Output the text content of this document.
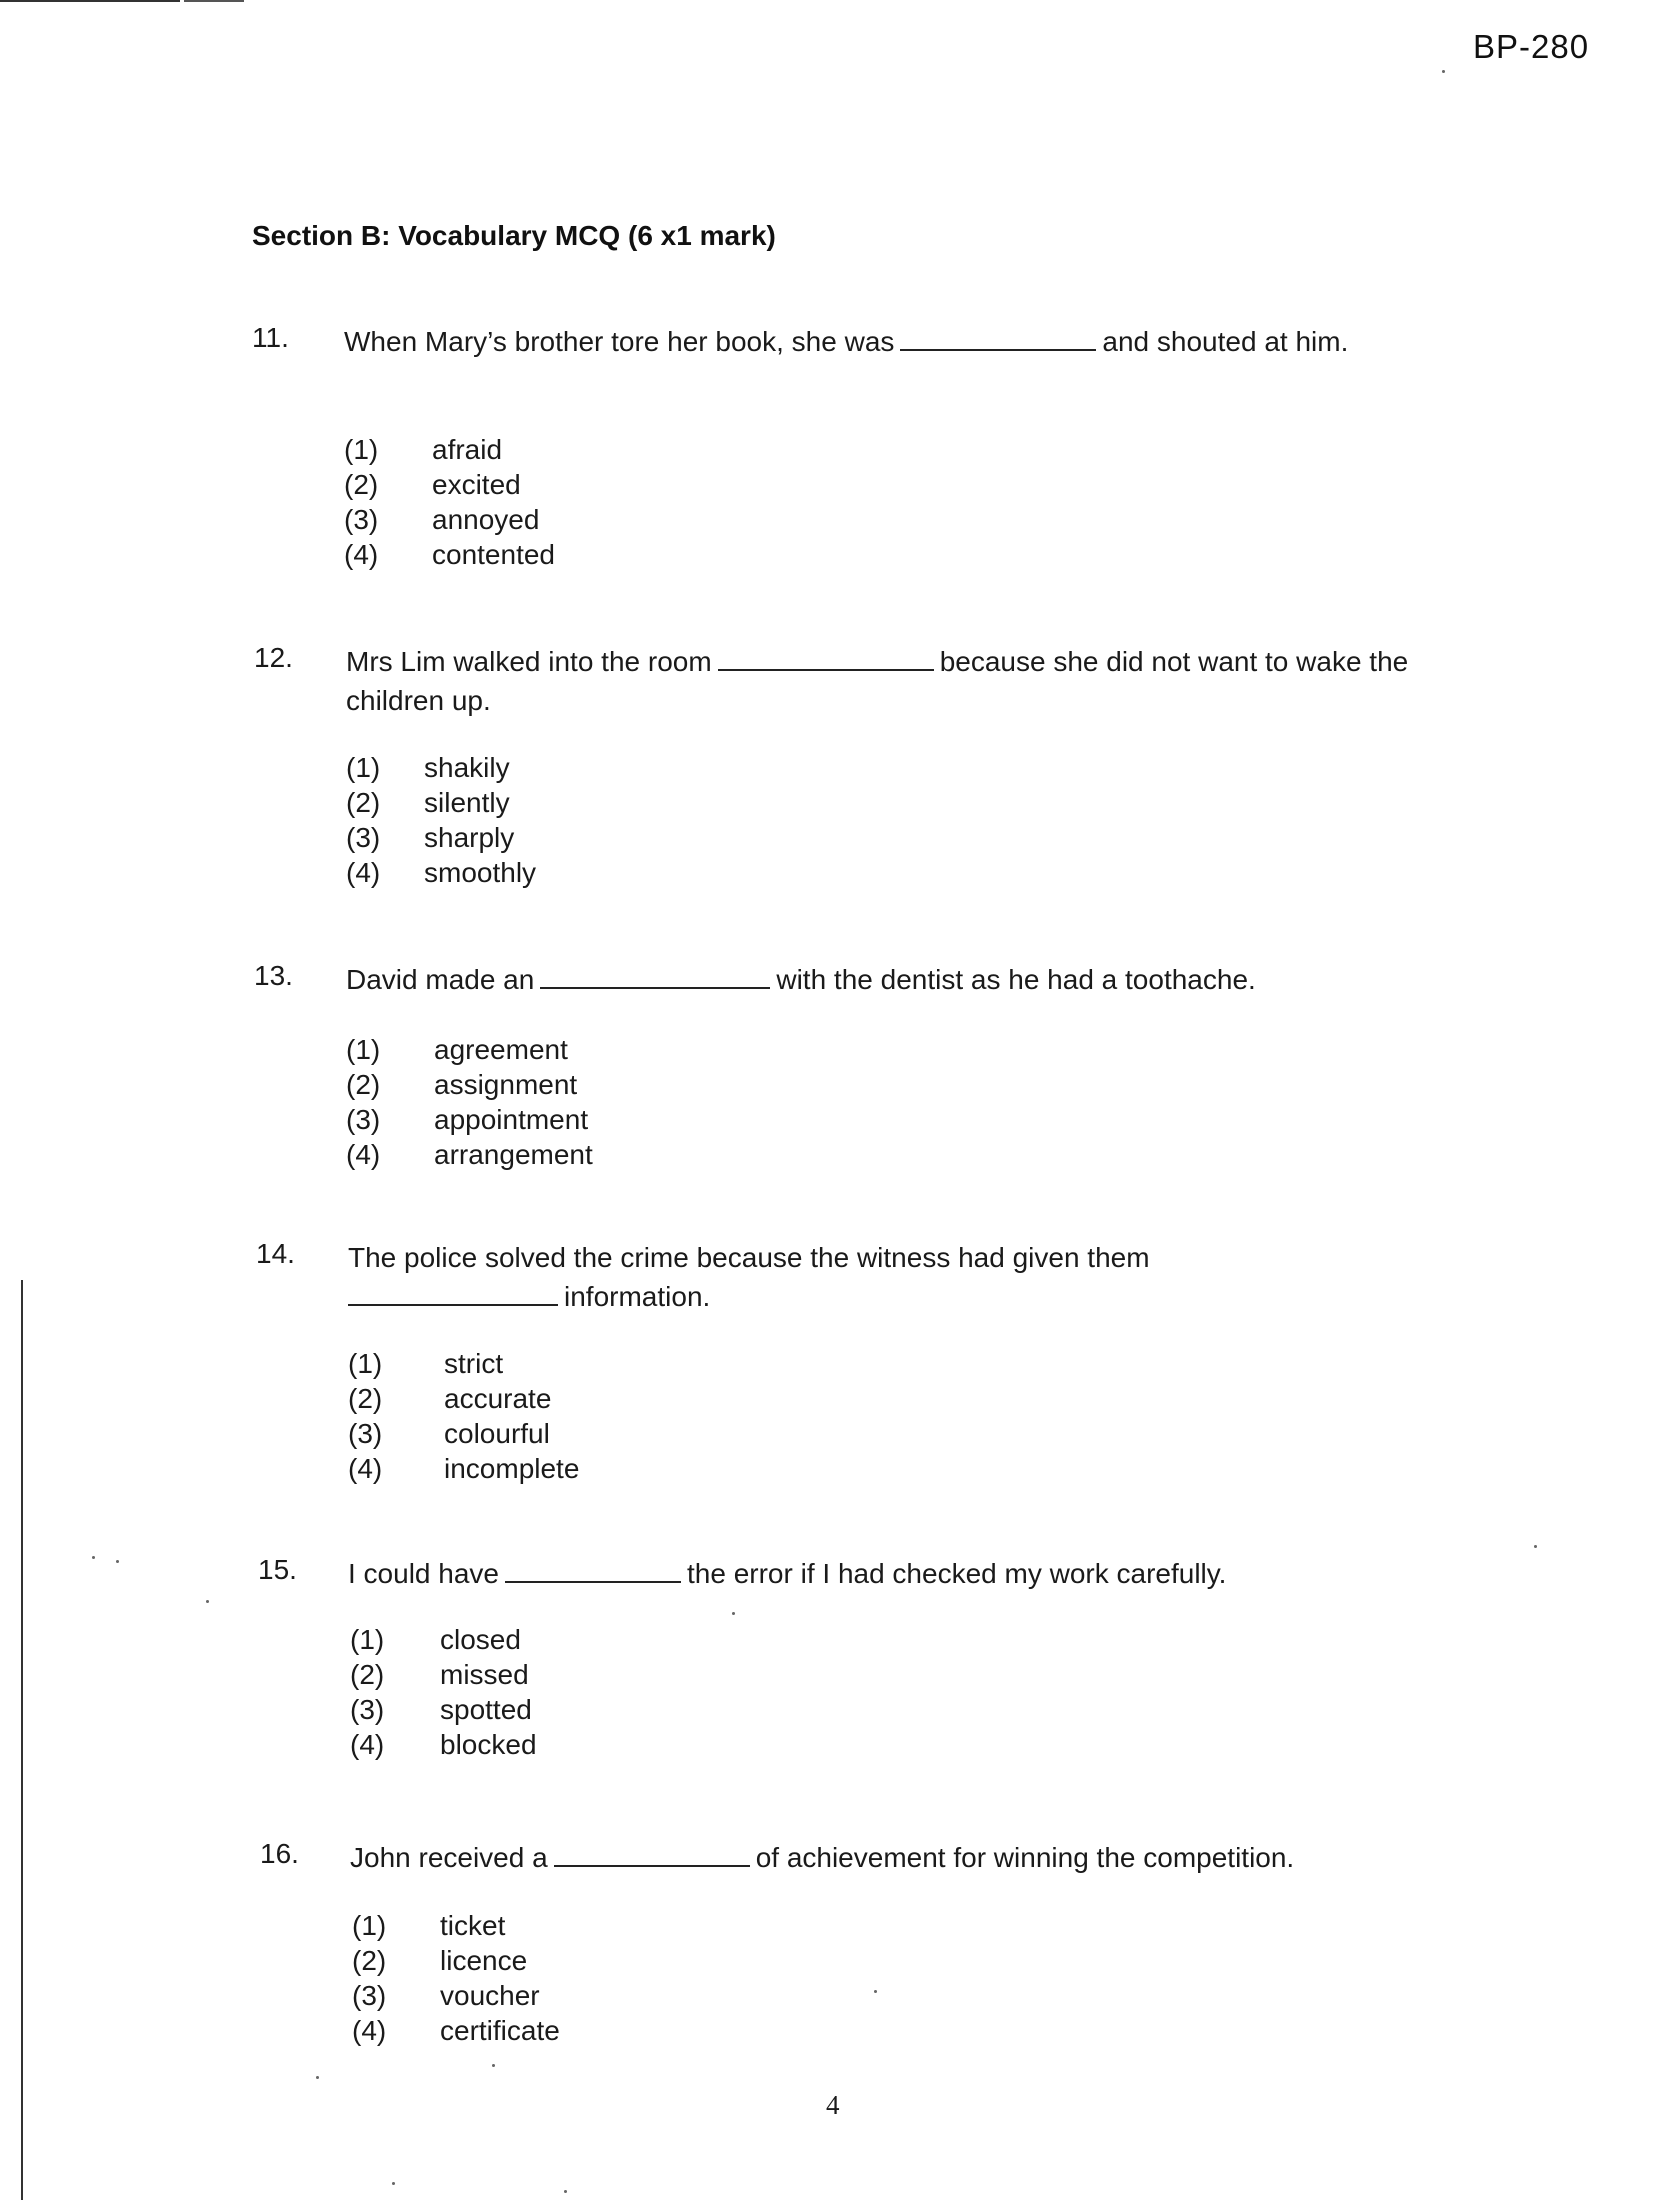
BP-280
Section B: Vocabulary MCQ (6 x1 mark)
11. When Mary’s brother tore her book, she was	and shouted at him.
(1)	afraid
(2)	excited
(3)	annoyed
(4)	contented
12. Mrs Lim walked into the room	because she did not want to wake the children up.
(1)	shakily
(2)	silently
(3)	sharply
(4)	smoothly
13. David made an	with the dentist as he had a toothache.
(1)	agreement
(2)	assignment
(3)	appointment
(4)	arrangement
14. The police solved the crime because the witness had given theminformation.
(1)	strict
(2)	accurate
(3)	colourful
(4)	incomplete
15. I could have	the error if I had checked my work carefully.
(1)	closed
(2)	missed
(3)	spotted
(4)	blocked
16. John received a	of achievement for winning the competition.
(1)	ticket
(2)	licence
(3)	voucher
(4)	certificate
4
